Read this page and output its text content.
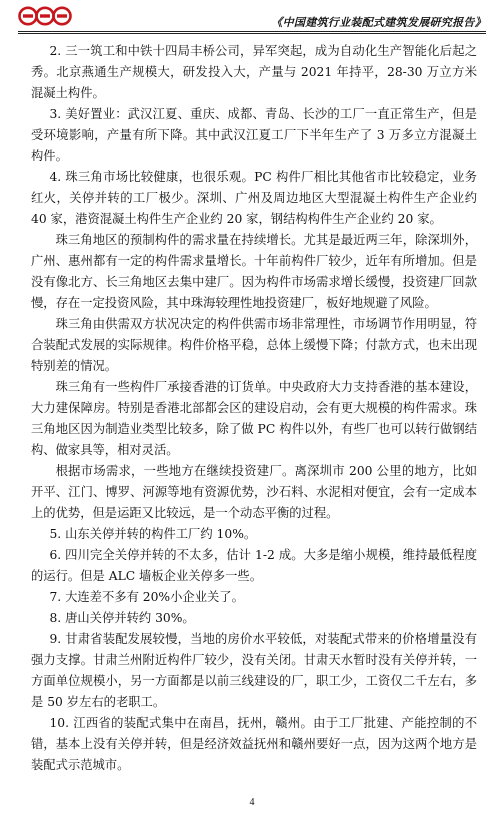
《中国建筑行业装配式建筑发展研究报告》

2. 三一筑工和中铁十四局丰桥公司，异军突起，成为自动化生产智能化后起之秀。北京燕通生产规模大，研发投入大，产量与 2021 年持平，28-30 万立方米混凝土构件。

3. 美好置业：武汉江夏、重庆、成都、青岛、长沙的工厂一直正常生产，但是受环境影响，产量有所下降。其中武汉江夏工厂下半年生产了 3 万多立方混凝土构件。

4. 珠三角市场比较健康，也很乐观。PC 构件厂相比其他省市比较稳定，业务红火，关停并转的工厂极少。深圳、广州及周边地区大型混凝土构件生产企业约 40 家，港资混凝土构件生产企业约 20 家，钢结构构件生产企业约 20 家。

珠三角地区的预制构件的需求量在持续增长。尤其是最近两三年，除深圳外，广州、惠州都有一定的构件需求量增长。十年前构件厂较少，近年有所增加。但是没有像北方、长三角地区去集中建厂。因为构件市场需求增长缓慢，投资建厂回款慢，存在一定投资风险，其中珠海较理性地投资建厂，板好地规避了风险。

珠三角由供需双方状况决定的构件供需市场非常理性，市场调节作用明显，符合装配式发展的实际规律。构件价格平稳，总体上缓慢下降；付款方式，也未出现特别差的情况。

珠三角有一些构件厂承接香港的订货单。中央政府大力支持香港的基本建设，大力建保障房。特别是香港北部都会区的建设启动，会有更大规模的构件需求。珠三角地区因为制造业类型比较多，除了做 PC 构件以外，有些厂也可以转行做钢结构、做家具等，相对灵活。

根据市场需求，一些地方在继续投资建厂。离深圳市 200 公里的地方，比如开平、江门、博罗、河源等地有资源优势，沙石料、水泥相对便宜，会有一定成本上的优势，但是运距又比较远，是一个动态平衡的过程。

5. 山东关停并转的构件工厂约 10%。

6. 四川完全关停并转的不太多，估计 1-2 成。大多是缩小规模，维持最低程度的运行。但是 ALC 墙板企业关停多一些。

7. 大连差不多有 20%小企业关了。

8. 唐山关停并转约 30%。

9. 甘肃省装配发展较慢，当地的房价水平较低，对装配式带来的价格增量没有强力支撑。甘肃兰州附近构件厂较少，没有关闭。甘肃天水暂时没有关停并转，一方面单位规模小，另一方面都是以前三线建设的厂，职工少，工资仅二千左右，多是 50 岁左右的老职工。

10. 江西省的装配式集中在南昌，抚州，赣州。由于工厂批建、产能控制的不错，基本上没有关停并转，但是经济效益抚州和赣州要好一点，因为这两个地方是装配式示范城市。

4
